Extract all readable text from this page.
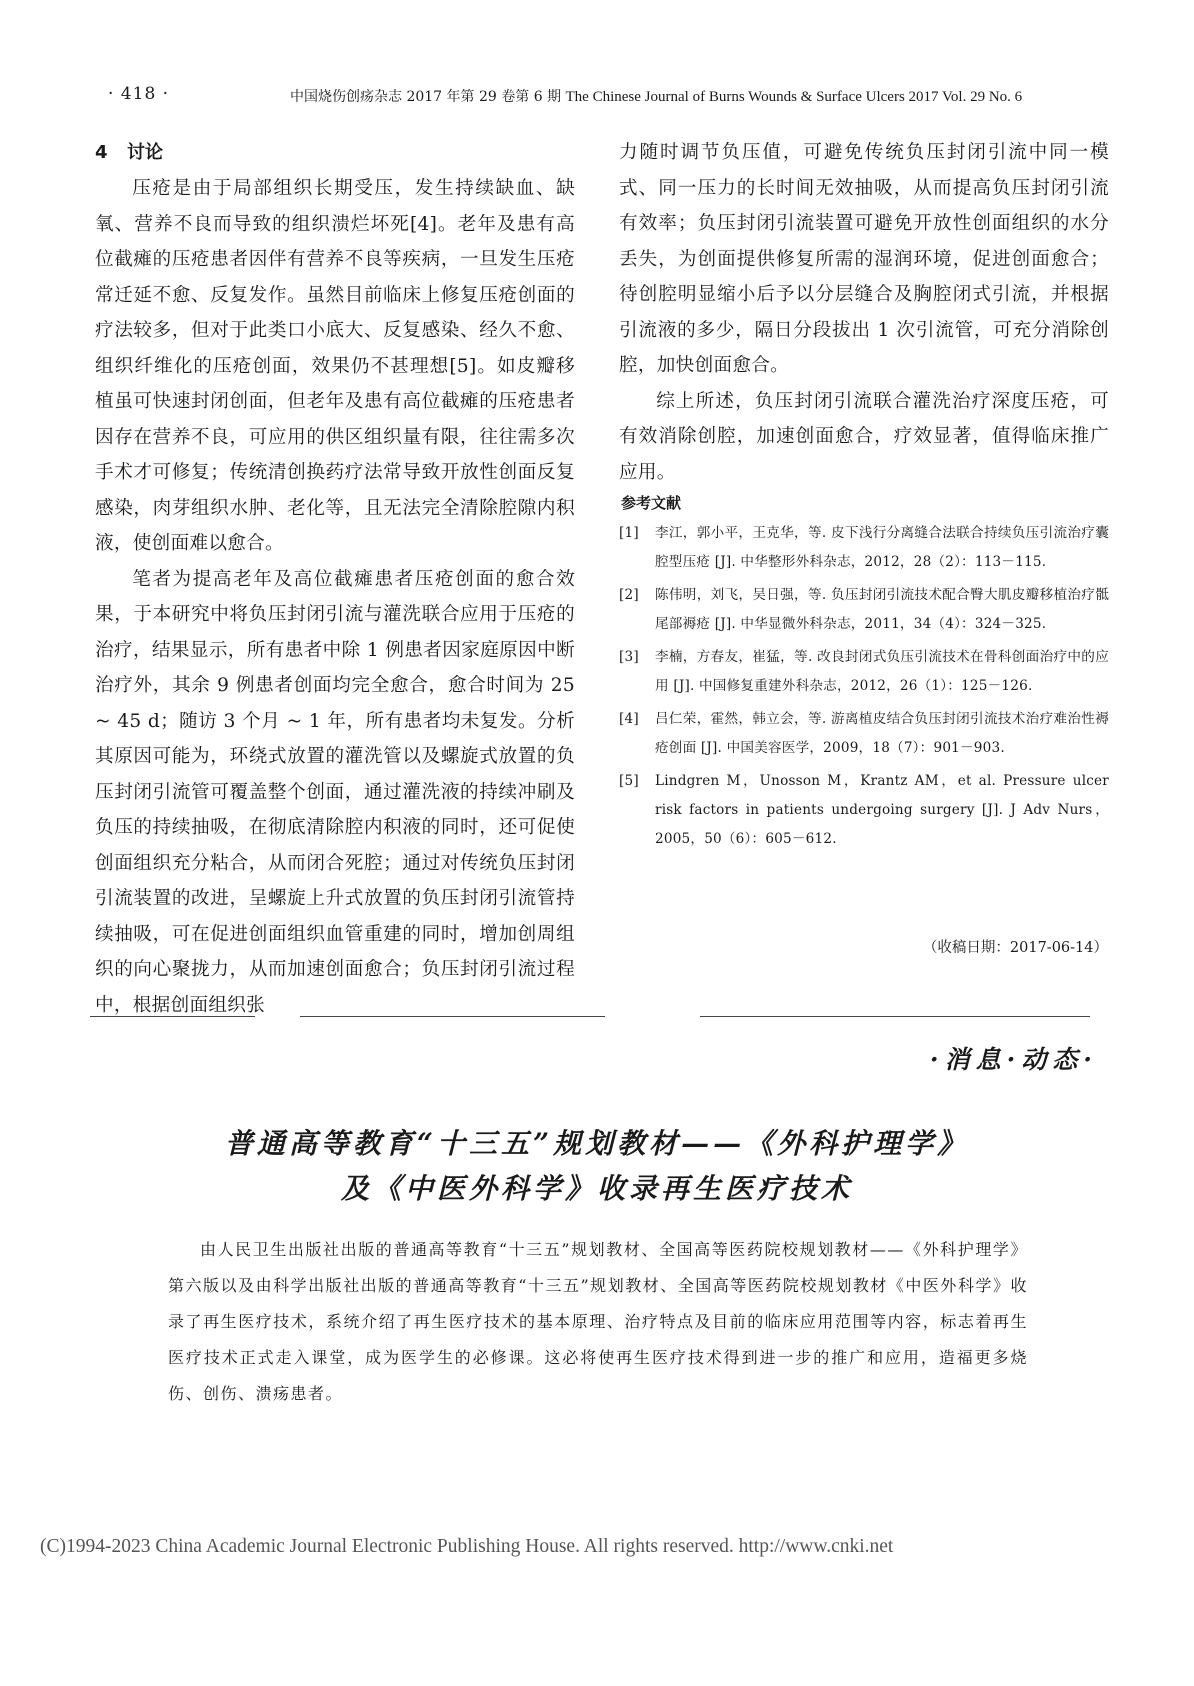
· 418 ·	中国烧伤创疡杂志 2017 年第 29 卷第 6 期 The Chinese Journal of Burns Wounds & Surface Ulcers 2017 Vol. 29 No. 6
4 讨论

压疮是由于局部组织长期受压，发生持续缺血、缺氧、营养不良而导致的组织溃烂坏死[4]。老年及患有高位截瘫的压疮患者因伴有营养不良等疾病，一旦发生压疮常迁延不愈、反复发作。虽然目前临床上修复压疮创面的疗法较多，但对于此类口小底大、反复感染、经久不愈、组织纤维化的压疮创面，效果仍不甚理想[5]。如皮瓣移植虽可快速封闭创面，但老年及患有高位截瘫的压疮患者因存在营养不良，可应用的供区组织量有限，往往需多次手术才可修复；传统清创换药疗法常导致开放性创面反复感染，肉芽组织水肿、老化等，且无法完全清除腔隙内积液，使创面难以愈合。

笔者为提高老年及高位截瘫患者压疮创面的愈合效果，于本研究中将负压封闭引流与灌洗联合应用于压疮的治疗，结果显示，所有患者中除 1 例患者因家庭原因中断治疗外，其余 9 例患者创面均完全愈合，愈合时间为 25 ~ 45 d；随访 3 个月 ~ 1 年，所有患者均未复发。分析其原因可能为，环绕式放置的灌洗管以及螺旋式放置的负压封闭引流管可覆盖整个创面，通过灌洗液的持续冲刷及负压的持续抽吸，在彻底清除腔内积液的同时，还可促使创面组织充分粘合，从而闭合死腔；通过对传统负压封闭引流装置的改进，呈螺旋上升式放置的负压封闭引流管持续抽吸，可在促进创面组织血管重建的同时，增加创周组织的向心聚拢力，从而加速创面愈合；负压封闭引流过程中，根据创面组织张

力随时调节负压值，可避免传统负压封闭引流中同一模式、同一压力的长时间无效抽吸，从而提高负压封闭引流有效率；负压封闭引流装置可避免开放性创面组织的水分丢失，为创面提供修复所需的湿润环境，促进创面愈合；待创腔明显缩小后予以分层缝合及胸腔闭式引流，并根据引流液的多少，隔日分段拔出 1 次引流管，可充分消除创腔，加快创面愈合。

综上所述，负压封闭引流联合灌洗治疗深度压疮，可有效消除创腔，加速创面愈合，疗效显著，值得临床推广应用。

参考文献
[1]	李江，郭小平，王克华，等. 皮下浅行分离缝合法联合持续负压引流治疗囊腔型压疮 [J]. 中华整形外科杂志，2012，28（2）：113－115.
[2]	陈伟明，刘飞，吴日强，等. 负压封闭引流技术配合臀大肌皮瓣移植治疗骶尾部褥疮 [J]. 中华显微外科杂志，2011，34（4）：324－325.
[3]	李楠，方春友，崔猛，等. 改良封闭式负压引流技术在骨科创面治疗中的应用 [J]. 中国修复重建外科杂志，2012，26（1）：125－126.
[4]	吕仁荣，霍然，韩立会，等. 游离植皮结合负压封闭引流技术治疗难治性褥疮创面 [J]. 中国美容医学，2009，18（7）：901－903.
[5]	Lindgren M，Unosson M，Krantz AM，et al. Pressure ulcer risk factors in patients undergoing surgery [J]. J Adv Nurs，2005，50（6）：605－612.
（收稿日期：2017-06-14）
·消息·动态·
普通高等教育“十三五”规划教材——《外科护理学》
及《中医外科学》收录再生医疗技术

由人民卫生出版社出版的普通高等教育“十三五”规划教材、全国高等医药院校规划教材——《外科护理学》第六版以及由科学出版社出版的普通高等教育“十三五”规划教材、全国高等医药院校规划教材《中医外科学》收录了再生医疗技术，系统介绍了再生医疗技术的基本原理、治疗特点及目前的临床应用范围等内容，标志着再生医疗技术正式走入课堂，成为医学生的必修课。这必将使再生医疗技术得到进一步的推广和应用，造福更多烧伤、创伤、溃疡患者。

(C)1994-2023 China Academic Journal Electronic Publishing House. All rights reserved. http://www.cnki.net
